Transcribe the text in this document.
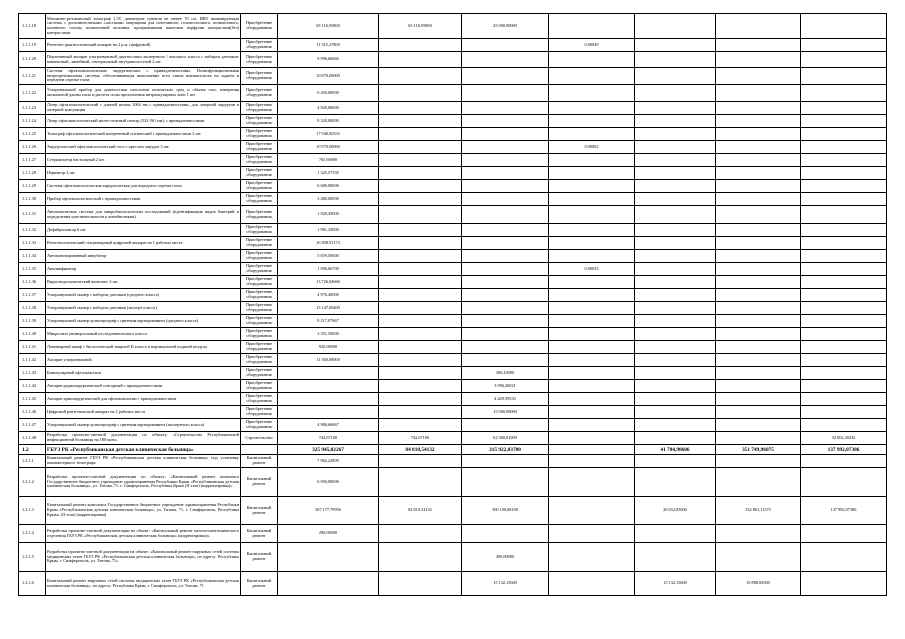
1.1.1.18	Магнитно-резонансный томограф 1,5T, диаметром туннеля не менее 70 см, ИИТ шиммирующая система, с дополнительными «пастыши» матрицами для сочетанного, головостопного, позвоночного, коленного голову, позвоночной колонны, программными пакетами перфузии контрастная(без) контрастами	Приобретение оборудования	65 116,95800	65 116,95800	25 000,00000				
1.1.1.19	Рентгено-диагностический аппарат на 2 р.м. (цифровой)	Приобретение оборудования	11 515,27800			0,00049			
1.1.1.20	Портативный аппарат ультразвуковой диагностики экспертного / высокого класса с набором датчиков: конвексный, линейный, секторальный, внутриполостной 2 шт.	Приобретение оборудования	9 996,66666						
1.1.1.21	Система офтальмологических хирургических с принадлежностями. Полнофункциональная витреоретинальная система, обеспечивающая выполнение всех типов вмешательств на заднем и переднем отрезке глаза	Приобретение оборудования	10 670,00000						
1.1.1.22	Ультразвуковой прибор для диагностики патологии оптических сред и объема глаз, измерения аксиальной длины глаза и расчета силы преломления интраокулярных линз 1 шт.	Приобретение оборудования	6 450,00000						
1.1.1.23	Лазер офтальмологический с длиной волны 1064 нм с принадлежностями, для лазерной хирургии в лазерной коагуляции	Приобретение оборудования	4 920,00000						
1.1.1.24	Лазер офтальмологический желто-зеленый спектр (532-561 нм), с принадлежностями	Приобретение оборудования	8 320,00000						
1.1.1.25	Томограф офтальмологический когерентный оптический с принадлежностями 2 шт.	Приобретение оборудования	17 940,60333						
1.1.1.26	Хирургический офтальмологический стол с креслом хирурга 3 шт.	Приобретение оборудования	10 970,00000			0,00002			
1.1.1.27	Стерилизатор настольный 2 шт.	Приобретение оборудования	765,60000						
1.1.1.28	Периметр 2 шт.	Приобретение оборудования	1 325,57339						
1.1.1.29	Система офтальмологическая хирургическая для переднего отрезка глаза	Приобретение оборудования	6 680,00000						
1.1.1.30	Прибор офтальмологический с принадлежностями	Приобретение оборудования	3 480,00000						
1.1.1.31	Автоматическая система для микробиологических исследований (идентификация видов бактерий и определения чувствительности к антибиотикам)	Приобретение оборудования	1 929,45000						
1.1.1.32	Дефибриллятор 6 шт.	Приобретение оборудования	1 961,25000						
1.1.1.33	Рентгенологический стационарный цифровой аппарат на 1 рабочих места	Приобретение оборудования	16 858,91173						
1.1.1.34	Автоматизированный инкубатор	Приобретение оборудования	5 659,50000						
1.1.1.35	Аниликфикатор	Приобретение оборудования	1 096,66700			0,00033			
1.1.1.36	Видеоэндоскопический комплекс 2 шт.	Приобретение оборудования	13 726,04666						
1.1.1.37	Ультразвуковой сканер с набором датчиков (среднего класса)	Приобретение оборудования	4 976,40000						
1.1.1.38	Ультразвуковой сканер с набором датчиков (эксперт класса)	Приобретение оборудования	15 147,60400						
1.1.1.39	Ультразвуковой сканер-допплерограф с цветным картированием (среднего класса)	Приобретение оборудования	8 217,07667						
1.1.1.40	Микроскоп универсальный исследовательского класса	Приобретение оборудования	3 351,50000						
1.1.1.41	Ламинарный шкаф с биологической защитой II класса и вертикальной подачей воздуха	Приобретение оборудования	920,00000						
1.1.1.42	Аппарат ультразвуковой	Приобретение оборудования	11 500,00000						
1.1.1.43	Бинокулярный офтальмоскоп	Приобретение оборудования			306,43000				
1.1.1.44	Аппарат радиохирургический сенсорный с принадлежностями	Приобретение оборудования			3 096,26921				
1.1.1.45	Аппарат криохирургический для офтальмологии с принадлежностями	Приобретение оборудования			4 429,59533				
1.1.1.46	Цифровой рентгеновский аппарат на 2 рабочих места	Приобретение оборудования			15 000,00000				
1.1.1.47	Ультразвуковой сканер-допплерограф с цветным картированием (экспертного класса)	Приобретение оборудования	4 986,66667						
1.1.1.48	Разработка проектно-сметной документации по объекту: «Строительство Республиканской инфекционной больницы на 180 коек»	Строительство	742,67100	742,67100	62 360,81900				32 902,30232
1.2	ГБУЗ РК «Республиканская детская клиническая больница»		325 945,02267	84 810,54132	315 922,83700		41 784,98606	351 749,96075	137 992,07386
1.2.1.1	Капитальный ремонт ГБУЗ РК «Республиканская детская клиническая больница» под установку компьютерного томографа	Капитальный ремонт	7 962,22809						
1.2.1.2	Разработка проектно-сметной документации по объекту: «Капитальный ремонт комплекса Государственное бюджетное учреждение здравоохранения Республики Крым «Республиканская детская клиническая больница», ул. Титова, 71, г. Симферополь, Республика Крым (II этап) (корректировка)»	Капитальный ремонт	6 950,00000						
1.2.1.3	Капитальный ремонт комплекса Государственное бюджетное учреждение здравоохранения Республики Крым «Республиканская детская клиническая больница», ул. Титова, 71, г. Симферополь, Республика Крым» (II этап) (корректировка)	Капитальный ремонт	307 177,79956	84 810,54132	300 100,68100		26 652,83006	332 861,11575	137 992,07386
1.2.1.4	Разработка проектно-сметной документации на объект: «Капитальный ремонт патологоанатомического отделения ГБУЗ РК «Республиканская детская клиническая больница» (корректировка)»	Капитальный ремонт	290,00000						
1.2.1.5	Разработка проектно-сметной документации на объект: «Капитальный ремонт наружных сетей системы медицинских газов ГБУЗ РК «Республиканская детская клиническая больница», по адресу: Республика Крым, г. Симферополь, ул. Титова, 71»	Капитальный ремонт			490,00000				
1.2.1.6	Капитальный ремонт наружных сетей системы медицинских газов ГБУЗ РК «Республиканская детская клиническая больница», по адресу: Республика Крым, г. Симферополь, ул. Титова, 71	Капитальный ремонт			15 132,15600		15 132,15600	18 888,84500	
